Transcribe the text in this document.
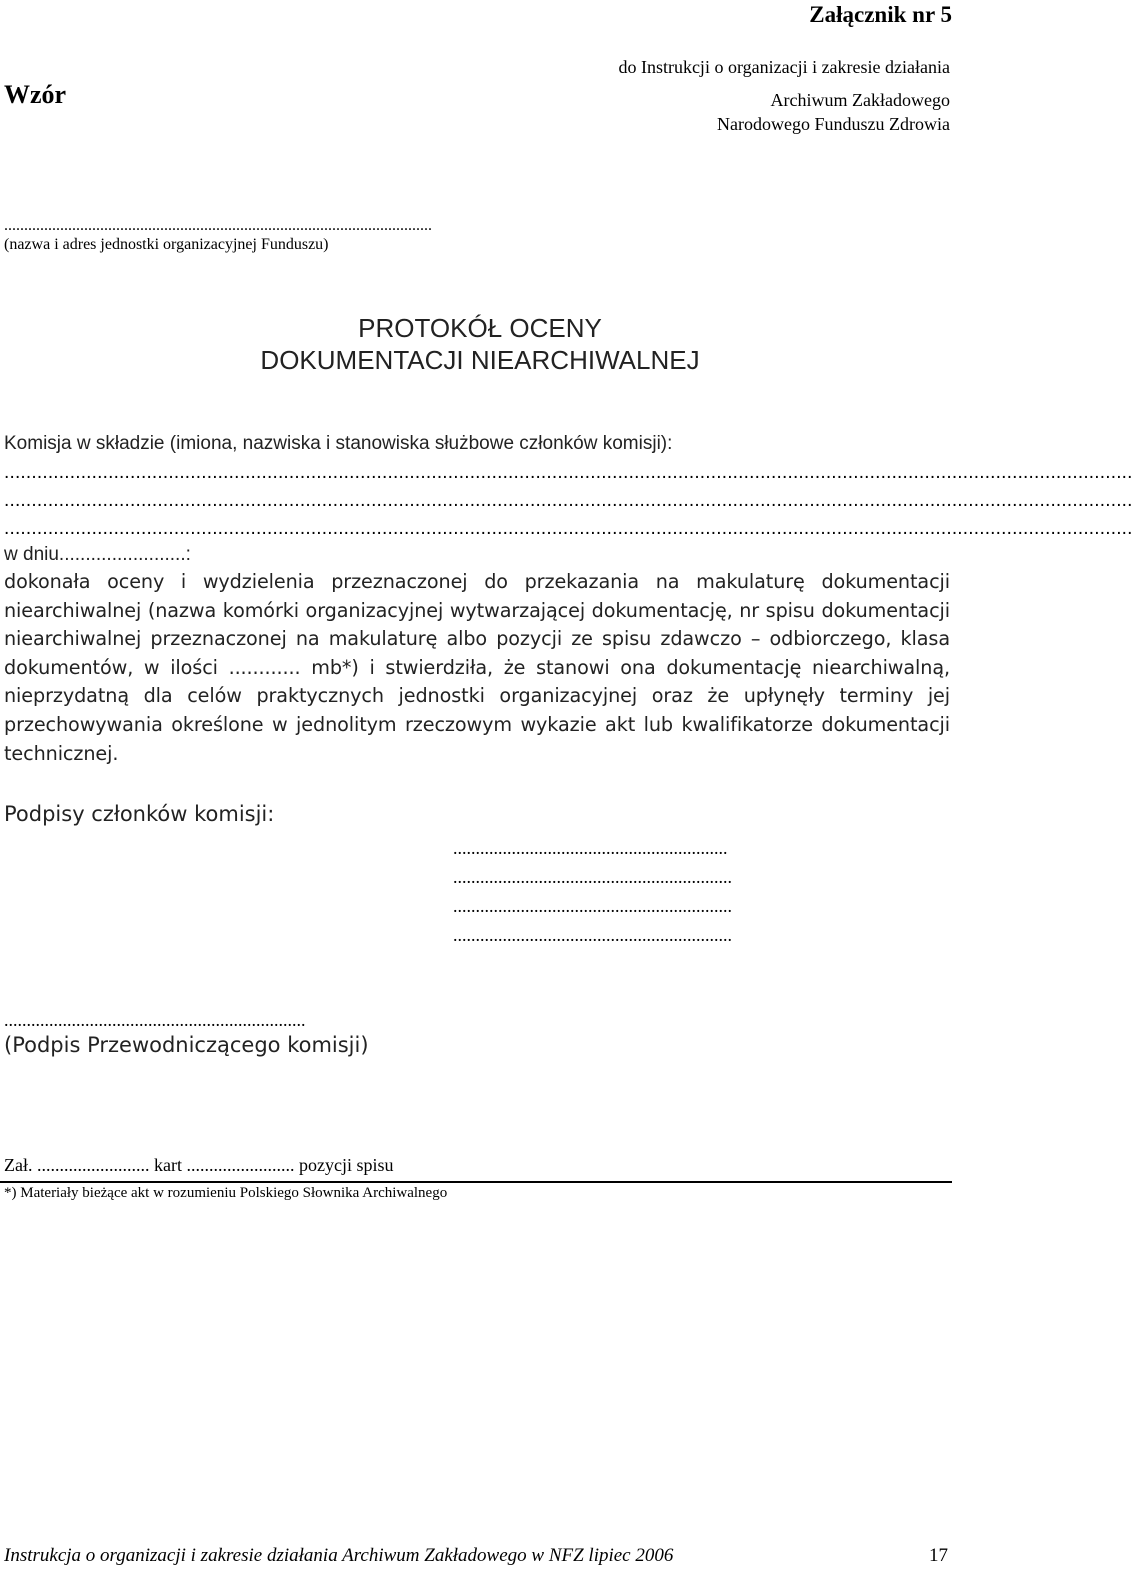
Załącznik nr 5
Wzór
do Instrukcji o organizacji i zakresie działania
Archiwum Zakładowego
Narodowego Funduszu Zdrowia
...........................................................................................................
(nazwa i adres jednostki organizacyjnej Funduszu)
PROTOKÓŁ OCENY
DOKUMENTACJI NIEARCHIWALNEJ
Komisja w składzie (imiona, nazwiska i stanowiska służbowe członków komisji):
..............................................................................................................................................................................................................
..............................................................................................................................................................................................................
..............................................................................................................................................................................................................
w dniu........................:

dokonała oceny i wydzielenia przeznaczonej do przekazania na makulaturę dokumentacji niearchiwalnej (nazwa komórki organizacyjnej wytwarzającej dokumentację, nr spisu dokumentacji niearchiwalnej przeznaczonej na makulaturę albo pozycji ze spisu zdawczo – odbiorczego, klasa dokumentów, w ilości ............ mb*) i stwierdziła, że stanowi ona dokumentację niearchiwalną, nieprzydatną dla celów praktycznych jednostki organizacyjnej oraz że upłynęły terminy jej przechowywania określone w jednolitym rzeczowym wykazie akt lub kwalifikatorze dokumentacji technicznej.

Podpisy członków komisji:
.............................................................
..............................................................
..............................................................
..............................................................
...................................................................
(Podpis Przewodniczącego komisji)
Zał. ......................... kart ........................ pozycji spisu
*) Materiały bieżące akt w rozumieniu Polskiego Słownika Archiwalnego
Instrukcja o organizacji i zakresie działania Archiwum Zakładowego w NFZ lipiec 2006	17
